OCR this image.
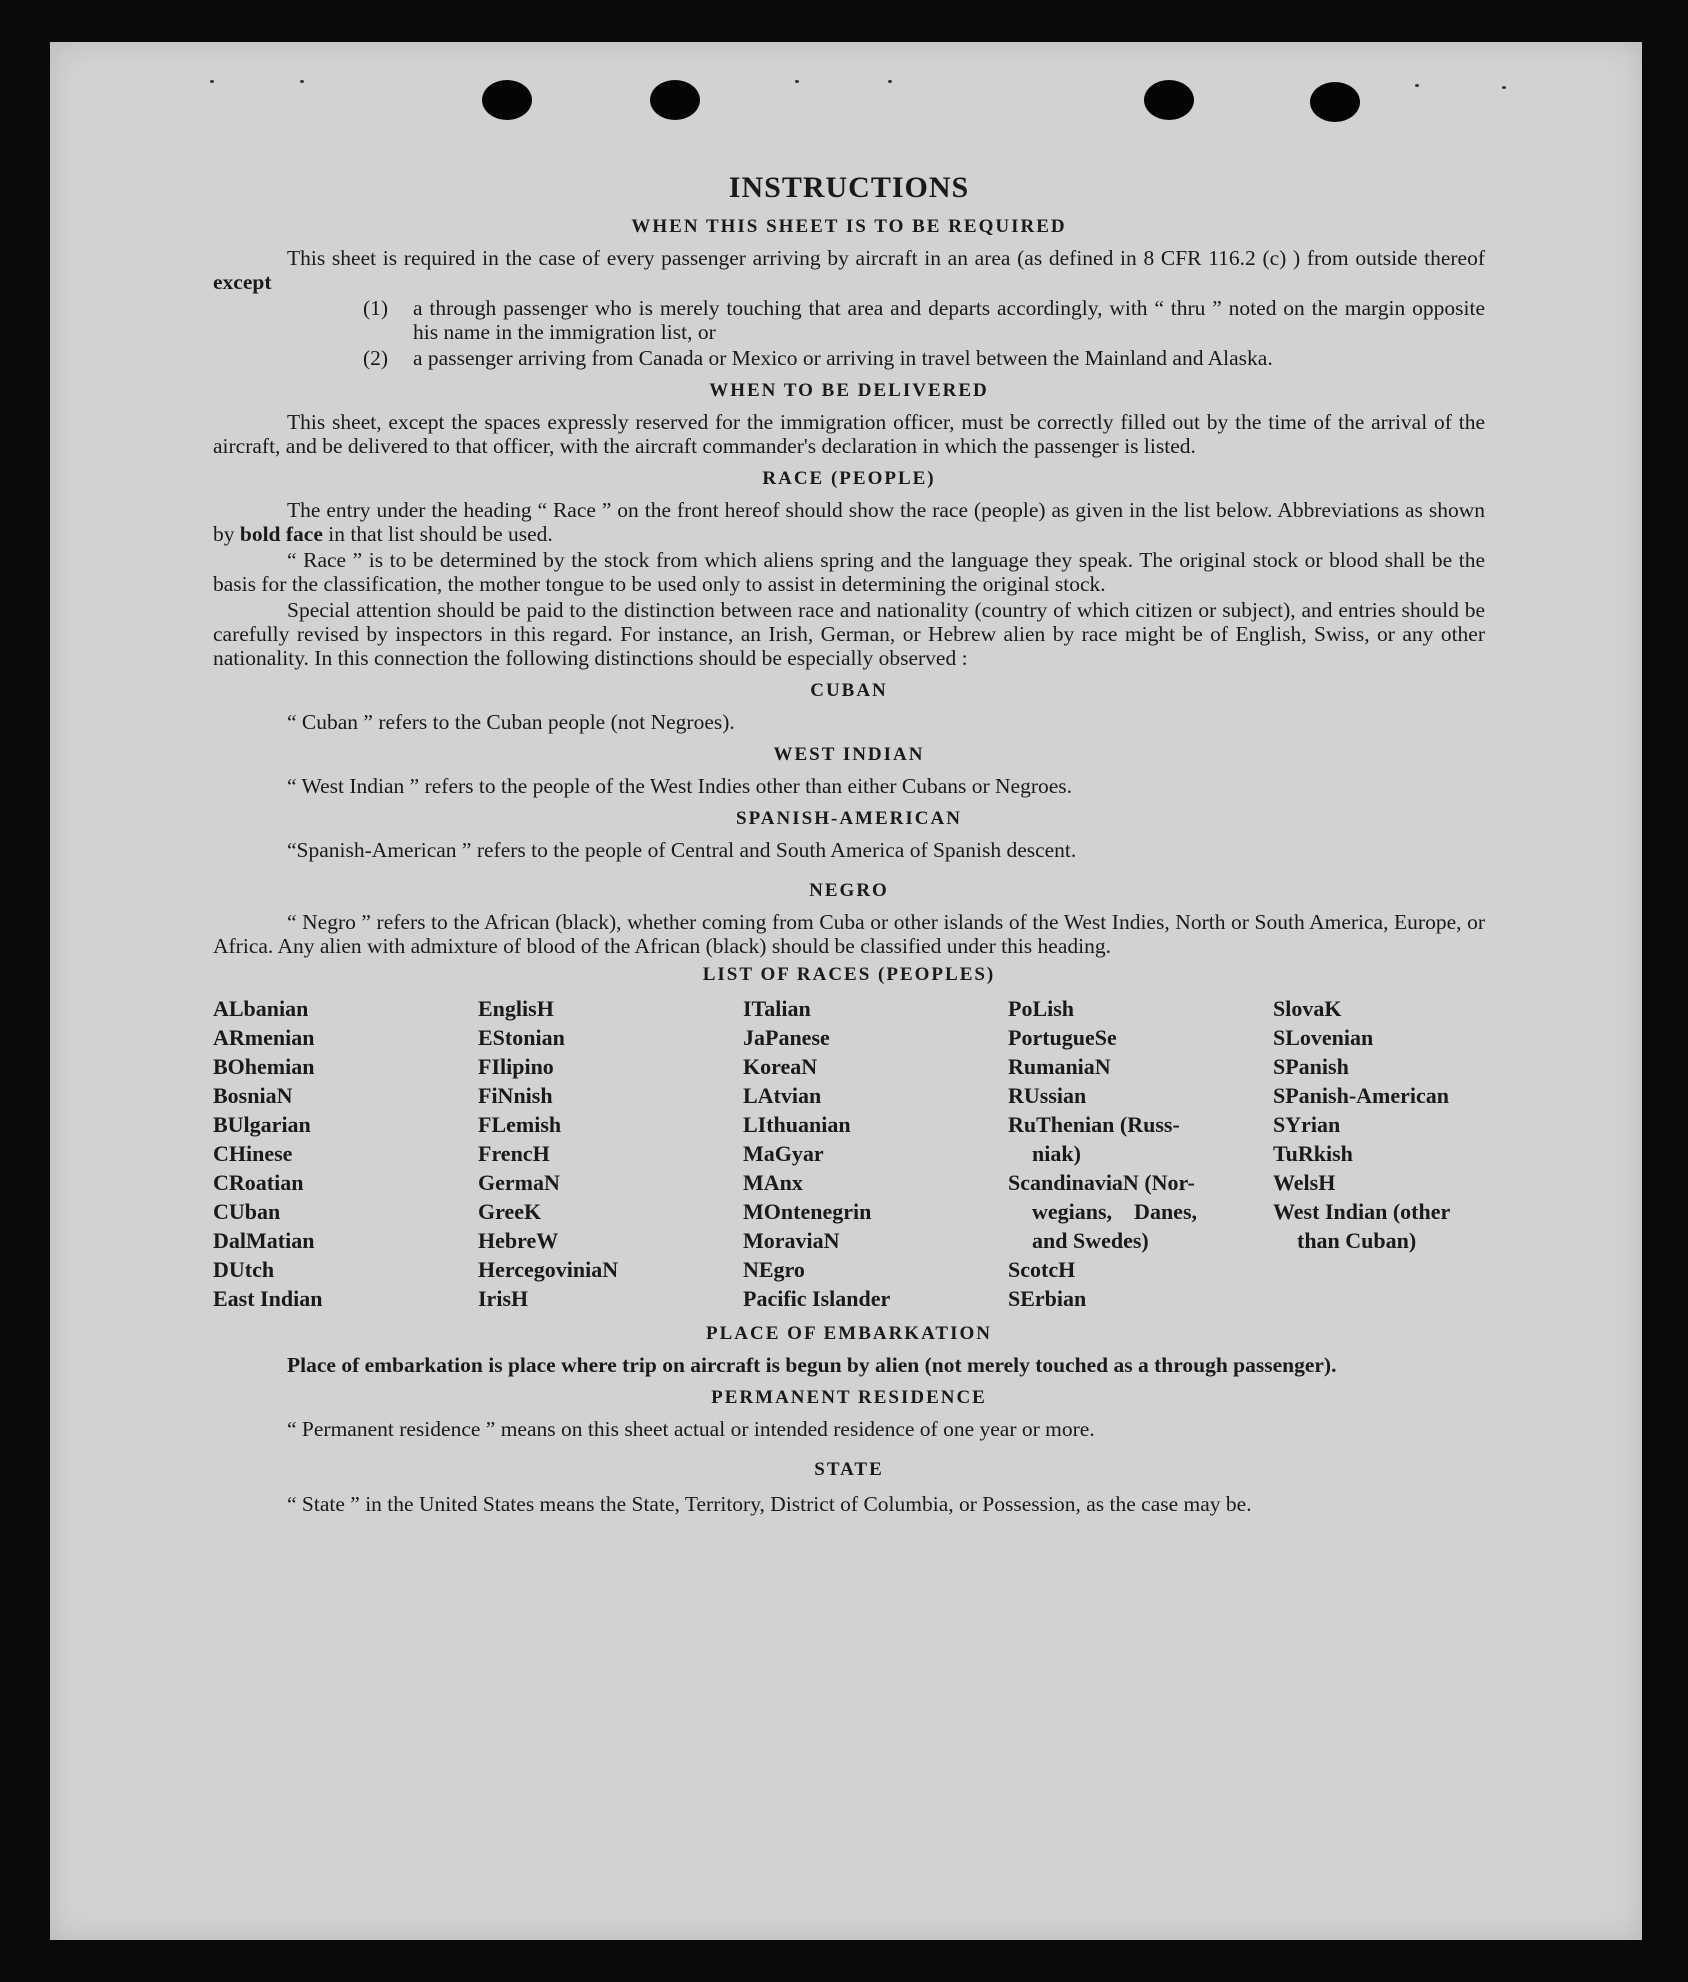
INSTRUCTIONS
WHEN THIS SHEET IS TO BE REQUIRED

This sheet is required in the case of every passenger arriving by aircraft in an area (as defined in 8 CFR 116.2 (c) ) from outside thereof except

(1)	a through passenger who is merely touching that area and departs accordingly, with “ thru ” noted on the margin opposite his name in the immigration list, or
(2)	a passenger arriving from Canada or Mexico or arriving in travel between the Mainland and Alaska.
WHEN TO BE DELIVERED

This sheet, except the spaces expressly reserved for the immigration officer, must be correctly filled out by the time of the arrival of the aircraft, and be delivered to that officer, with the aircraft commander's declaration in which the passenger is listed.

RACE (PEOPLE)

The entry under the heading “ Race ” on the front hereof should show the race (people) as given in the list below. Abbreviations as shown by bold face in that list should be used.

“ Race ” is to be determined by the stock from which aliens spring and the language they speak. The original stock or blood shall be the basis for the classification, the mother tongue to be used only to assist in determining the original stock.

Special attention should be paid to the distinction between race and nationality (country of which citizen or subject), and entries should be carefully revised by inspectors in this regard. For instance, an Irish, German, or Hebrew alien by race might be of English, Swiss, or any other nationality. In this connection the following distinctions should be especially observed :

CUBAN

“ Cuban ” refers to the Cuban people (not Negroes).

WEST INDIAN

“ West Indian ” refers to the people of the West Indies other than either Cubans or Negroes.

SPANISH-AMERICAN

“Spanish-American ” refers to the people of Central and South America of Spanish descent.

NEGRO

“ Negro ” refers to the African (black), whether coming from Cuba or other islands of the West Indies, North or South America, Europe, or Africa. Any alien with admixture of blood of the African (black) should be classified under this heading.

LIST OF RACES (PEOPLES)
ALbanian
ARmenian
BOhemian
BosniaN
BUlgarian
CHinese
CRoatian
CUban
DalMatian
DUtch
East Indian
EnglisH
EStonian
FIlipino
FiNnish
FLemish
FrencH
GermaN
GreeK
HebreW
HercegoviniaN
IrisH
ITalian
JaPanese
KoreaN
LAtvian
LIthuanian
MaGyar
MAnx
MOntenegrin
MoraviaN
NEgro
Pacific Islander
PoLish
PortugueSe
RumaniaN
RUssian
RuThenian (Russ-
niak)
ScandinaviaN (Nor-
wegians,    Danes,
and Swedes)
ScotcH
SErbian
SlovaK
SLovenian
SPanish
SPanish-American
SYrian
TuRkish
WelsH
West Indian (other
than Cuban)
PLACE OF EMBARKATION

Place of embarkation is place where trip on aircraft is begun by alien (not merely touched as a through passenger).

PERMANENT RESIDENCE

“ Permanent residence ” means on this sheet actual or intended residence of one year or more.

STATE

“ State ” in the United States means the State, Territory, District of Columbia, or Possession, as the case may be.
